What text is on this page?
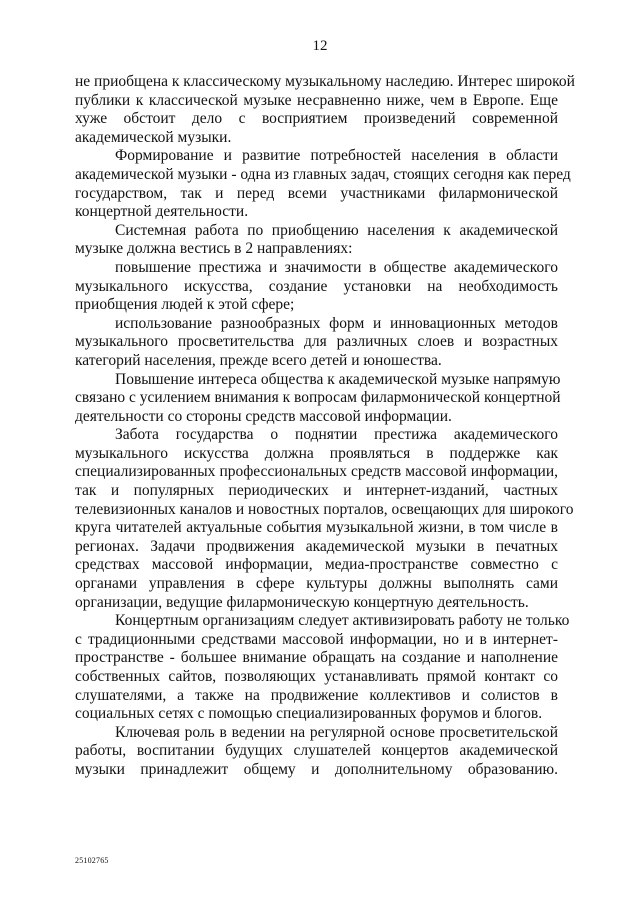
12
не приобщена к классическому музыкальному наследию. Интерес широкой
публики к классической музыке несравненно ниже, чем в Европе. Еще
хуже обстоит дело с восприятием произведений современной
академической музыки.
Формирование и развитие потребностей населения в области
академической музыки - одна из главных задач, стоящих сегодня как перед
государством, так и перед всеми участниками филармонической
концертной деятельности.
Системная работа по приобщению населения к академической
музыке должна вестись в 2 направлениях:
повышение престижа и значимости в обществе академического
музыкального искусства, создание установки на необходимость
приобщения людей к этой сфере;
использование разнообразных форм и инновационных методов
музыкального просветительства для различных слоев и возрастных
категорий населения, прежде всего детей и юношества.
Повышение интереса общества к академической музыке напрямую
связано с усилением внимания к вопросам филармонической концертной
деятельности со стороны средств массовой информации.
Забота государства о поднятии престижа академического
музыкального искусства должна проявляться в поддержке как
специализированных профессиональных средств массовой информации,
так и популярных периодических и интернет-изданий, частных
телевизионных каналов и новостных порталов, освещающих для широкого
круга читателей актуальные события музыкальной жизни, в том числе в
регионах. Задачи продвижения академической музыки в печатных
средствах массовой информации, медиа-пространстве совместно с
органами управления в сфере культуры должны выполнять сами
организации, ведущие филармоническую концертную деятельность.
Концертным организациям следует активизировать работу не только
с традиционными средствами массовой информации, но и в интернет-
пространстве - большее внимание обращать на создание и наполнение
собственных сайтов, позволяющих устанавливать прямой контакт со
слушателями, а также на продвижение коллективов и солистов в
социальных сетях с помощью специализированных форумов и блогов.
Ключевая роль в ведении на регулярной основе просветительской
работы, воспитании будущих слушателей концертов академической
музыки принадлежит общему и дополнительному образованию.
25102765
